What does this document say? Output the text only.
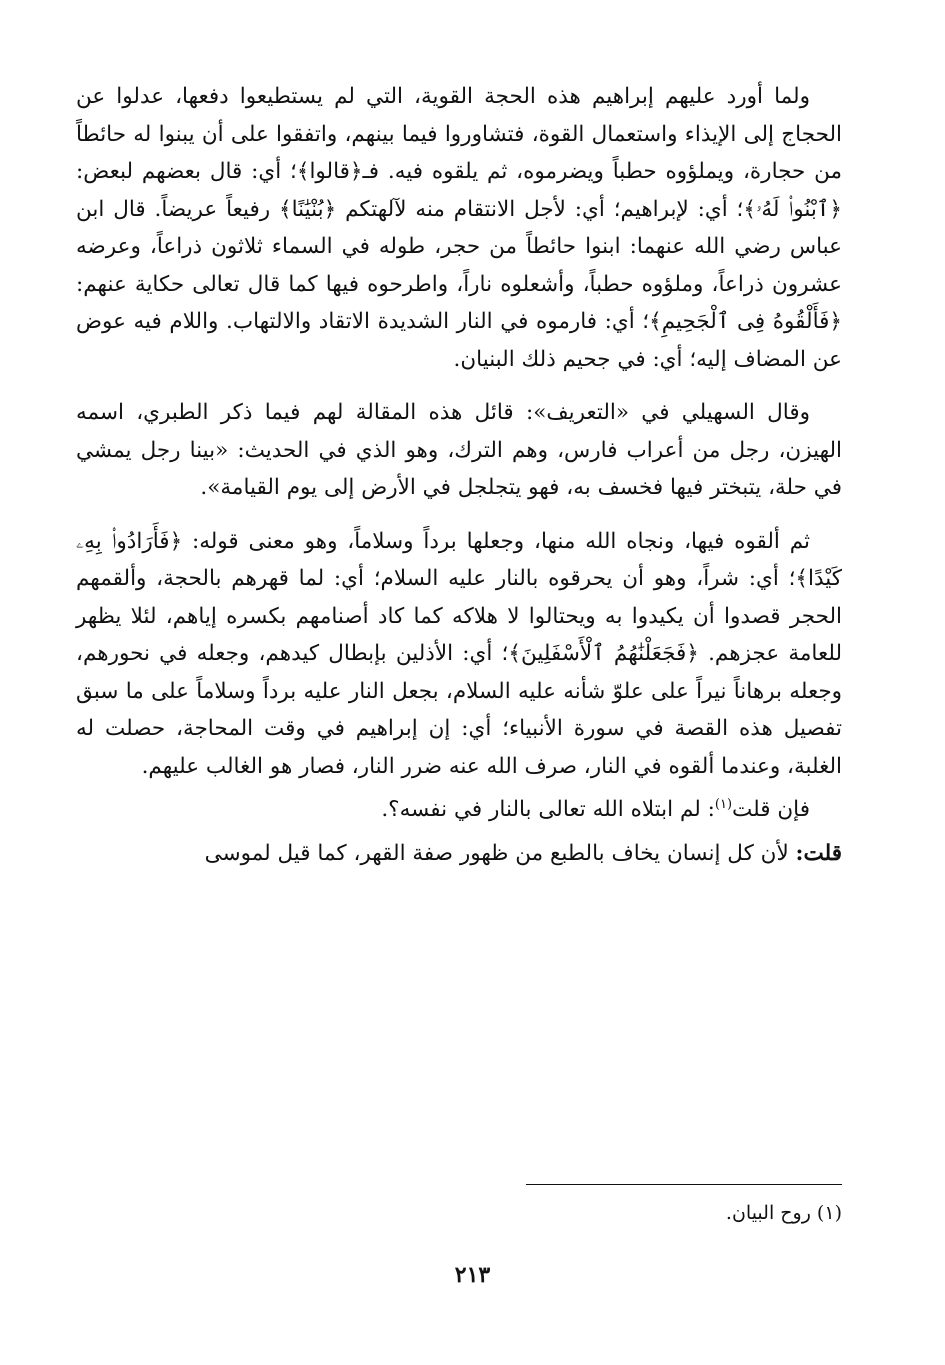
ولما أورد عليهم إبراهيم هذه الحجة القوية، التي لم يستطيعوا دفعها، عدلوا عن الحجاج إلى الإيذاء واستعمال القوة، فتشاوروا فيما بينهم، واتفقوا على أن يبنوا له حائطاً من حجارة، ويملؤوه حطباً ويضرموه، ثم يلقوه فيه. فـ﴿قالوا﴾؛ أي: قال بعضهم لبعض: ﴿ٱبْنُوا۟ لَهُۥ﴾؛ أي: لإبراهيم؛ أي: لأجل الانتقام منه لآلهتكم ﴿بُنْيَٰنًا﴾ رفيعاً عريضاً. قال ابن عباس رضي الله عنهما: ابنوا حائطاً من حجر، طوله في السماء ثلاثون ذراعاً، وعرضه عشرون ذراعاً، وملؤوه حطباً، وأشعلوه ناراً، واطرحوه فيها كما قال تعالى حكاية عنهم: ﴿فَأَلْقُوهُ فِى ٱلْجَحِيمِ﴾؛ أي: فارموه في النار الشديدة الاتقاد والالتهاب. واللام فيه عوض عن المضاف إليه؛ أي: في جحيم ذلك البنيان.

وقال السهيلي في «التعريف»: قائل هذه المقالة لهم فيما ذكر الطبري، اسمه الهيزن، رجل من أعراب فارس، وهم الترك، وهو الذي في الحديث: «بينا رجل يمشي في حلة، يتبختر فيها فخسف به، فهو يتجلجل في الأرض إلى يوم القيامة».

ثم ألقوه فيها، ونجاه الله منها، وجعلها برداً وسلاماً، وهو معنى قوله: ﴿فَأَرَادُوا۟ بِهِۦ كَيْدًا﴾؛ أي: شراً، وهو أن يحرقوه بالنار عليه السلام؛ أي: لما قهرهم بالحجة، وألقمهم الحجر قصدوا أن يكيدوا به ويحتالوا لا هلاكه كما كاد أصنامهم بكسره إياهم، لئلا يظهر للعامة عجزهم. ﴿فَجَعَلْنَٰهُمُ ٱلْأَسْفَلِينَ﴾؛ أي: الأذلين بإبطال كيدهم، وجعله في نحورهم، وجعله برهاناً نيراً على علوّ شأنه عليه السلام، بجعل النار عليه برداً وسلاماً على ما سبق تفصيل هذه القصة في سورة الأنبياء؛ أي: إن إبراهيم في وقت المحاجة، حصلت له الغلبة، وعندما ألقوه في النار، صرف الله عنه ضرر النار، فصار هو الغالب عليهم.

فإن قلت$^{(١)}$: لم ابتلاه الله تعالى بالنار في نفسه؟.

قلت: لأن كل إنسان يخاف بالطبع من ظهور صفة القهر، كما قيل لموسى

(١) روح البيان.
٢١٣
